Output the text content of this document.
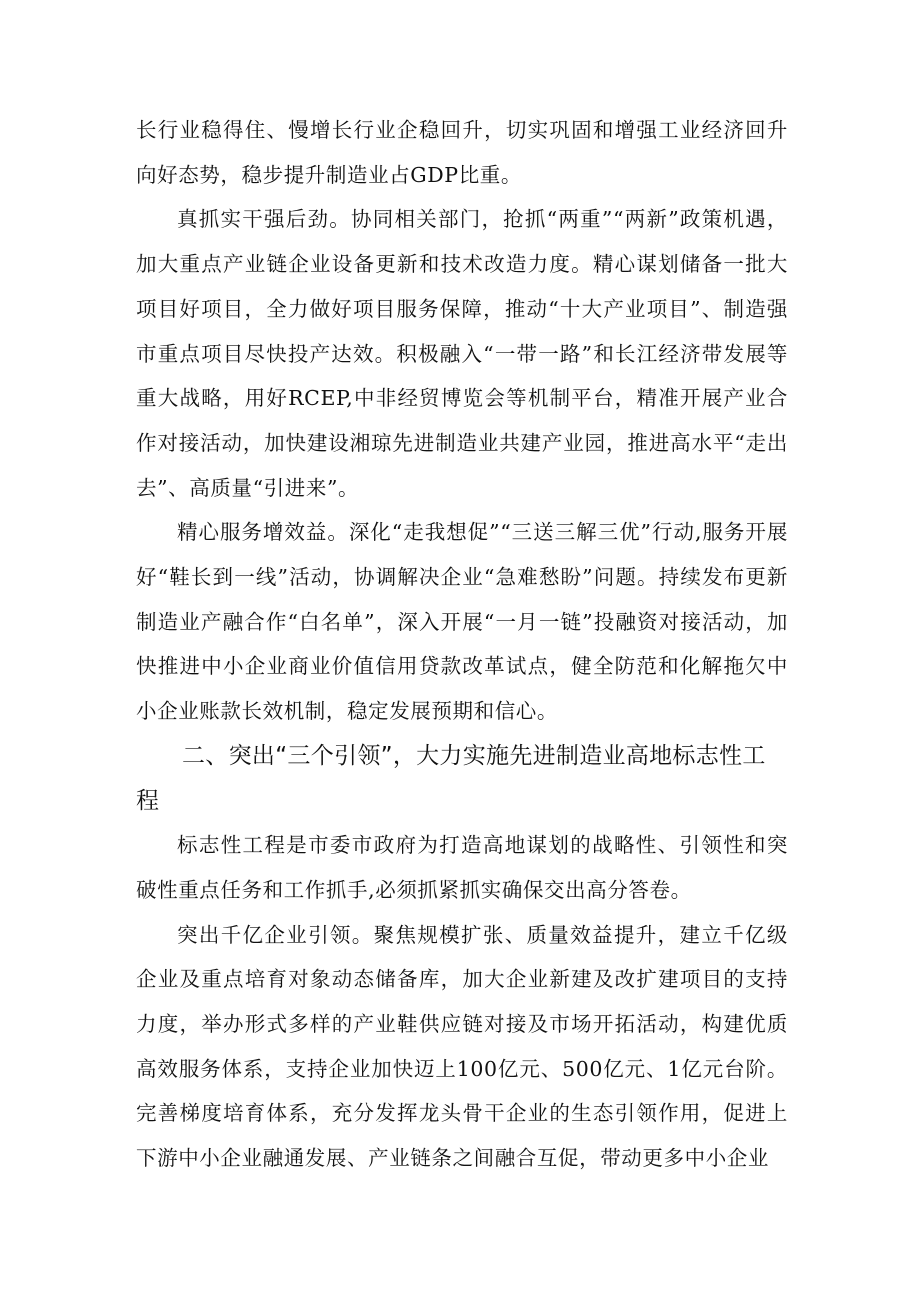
长行业稳得住、慢增长行业企稳回升，切实巩固和增强工业经济回升向好态势，稳步提升制造业占GDP比重。

真抓实干强后劲。协同相关部门，抢抓“两重”“两新”政策机遇，加大重点产业链企业设备更新和技术改造力度。精心谋划储备一批大项目好项目，全力做好项目服务保障，推动“十大产业项目”、制造强市重点项目尽快投产达效。积极融入“一带一路”和长江经济带发展等重大战略，用好RCEP,中非经贸博览会等机制平台，精准开展产业合作对接活动，加快建设湘琼先进制造业共建产业园，推进高水平“走出去”、高质量“引进来”。

精心服务增效益。深化“走我想促”“三送三解三优”行动,服务开展好“鞋长到一线”活动，协调解决企业“急难愁盼”问题。持续发布更新制造业产融合作“白名单”，深入开展“一月一链”投融资对接活动，加快推进中小企业商业价值信用贷款改革试点，健全防范和化解拖欠中小企业账款长效机制，稳定发展预期和信心。

二、突出“三个引领”，大力实施先进制造业高地标志性工程

标志性工程是市委市政府为打造高地谋划的战略性、引领性和突破性重点任务和工作抓手,必须抓紧抓实确保交出高分答卷。

突出千亿企业引领。聚焦规模扩张、质量效益提升，建立千亿级企业及重点培育对象动态储备库，加大企业新建及改扩建项目的支持力度，举办形式多样的产业鞋供应链对接及市场开拓活动，构建优质高效服务体系，支持企业加快迈上100亿元、500亿元、1亿元台阶。完善梯度培育体系，充分发挥龙头骨干企业的生态引领作用，促进上下游中小企业融通发展、产业链条之间融合互促，带动更多中小企业
